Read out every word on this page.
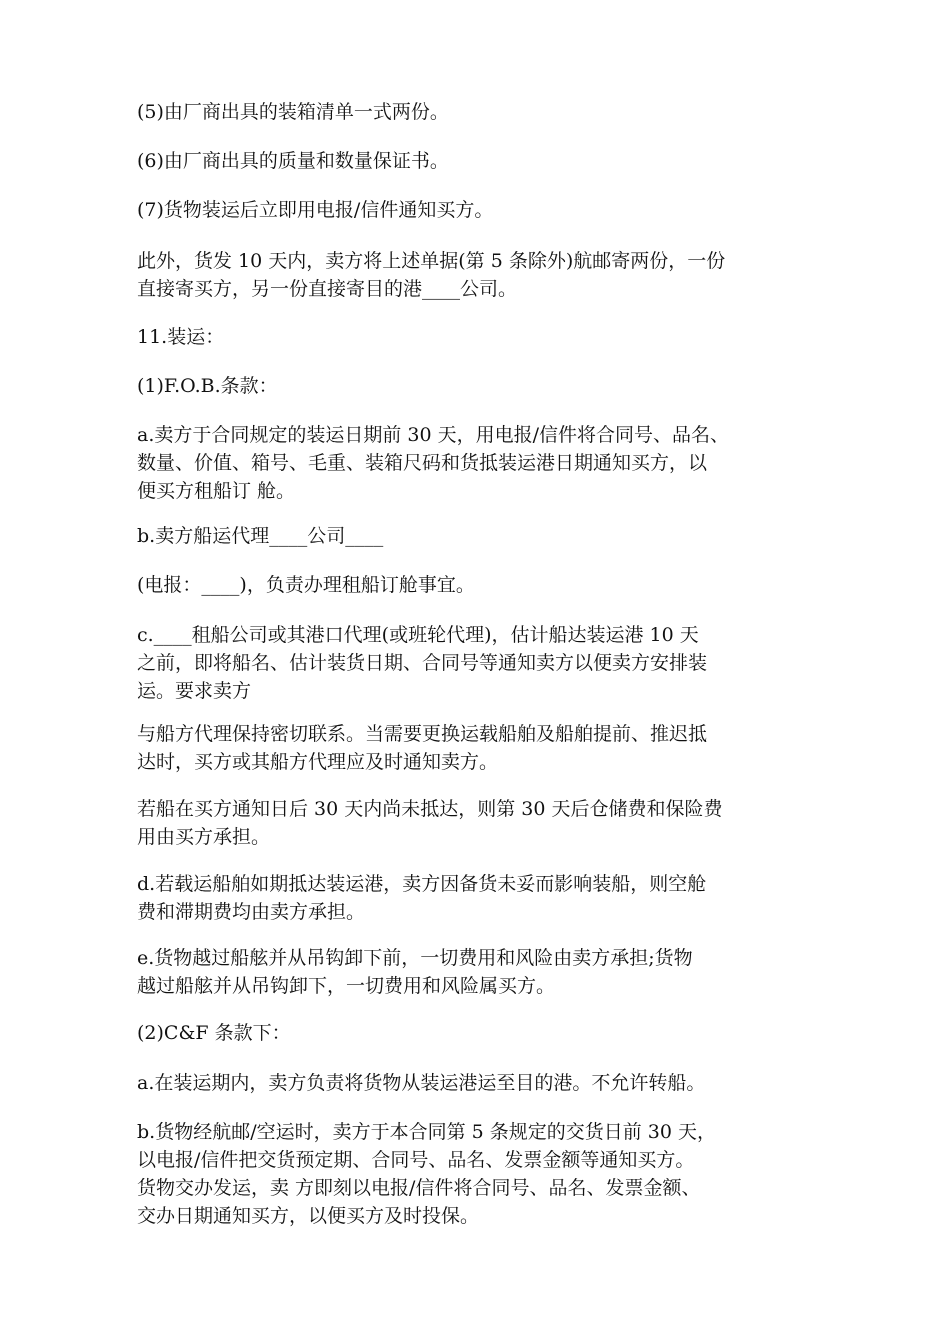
(5)由厂商出具的装箱清单一式两份。

(6)由厂商出具的质量和数量保证书。

(7)货物装运后立即用电报/信件通知买方。

此外，货发 10 天内，卖方将上述单据(第 5 条除外)航邮寄两份，一份
直接寄买方，另一份直接寄目的港____公司。

11.装运：

(1)F.O.B.条款：

a.卖方于合同规定的装运日期前 30 天，用电报/信件将合同号、品名、
数量、价值、箱号、毛重、装箱尺码和货抵装运港日期通知买方，以
便买方租船订 舱。

b.卖方船运代理____公司____

(电报：____)，负责办理租船订舱事宜。

c.____租船公司或其港口代理(或班轮代理)，估计船达装运港 10 天
之前，即将船名、估计装货日期、合同号等通知卖方以便卖方安排装
运。要求卖方

与船方代理保持密切联系。当需要更换运载船舶及船舶提前、推迟抵
达时，买方或其船方代理应及时通知卖方。

若船在买方通知日后 30 天内尚未抵达，则第 30 天后仓储费和保险费
用由买方承担。

d.若载运船舶如期抵达装运港，卖方因备货未妥而影响装船，则空舱
费和滞期费均由卖方承担。

e.货物越过船舷并从吊钩卸下前，一切费用和风险由卖方承担;货物
越过船舷并从吊钩卸下，一切费用和风险属买方。

(2)C&F 条款下：

a.在装运期内，卖方负责将货物从装运港运至目的港。不允许转船。

b.货物经航邮/空运时，卖方于本合同第 5 条规定的交货日前 30 天，
以电报/信件把交货预定期、合同号、品名、发票金额等通知买方。
货物交办发运，卖 方即刻以电报/信件将合同号、品名、发票金额、
交办日期通知买方，以便买方及时投保。
